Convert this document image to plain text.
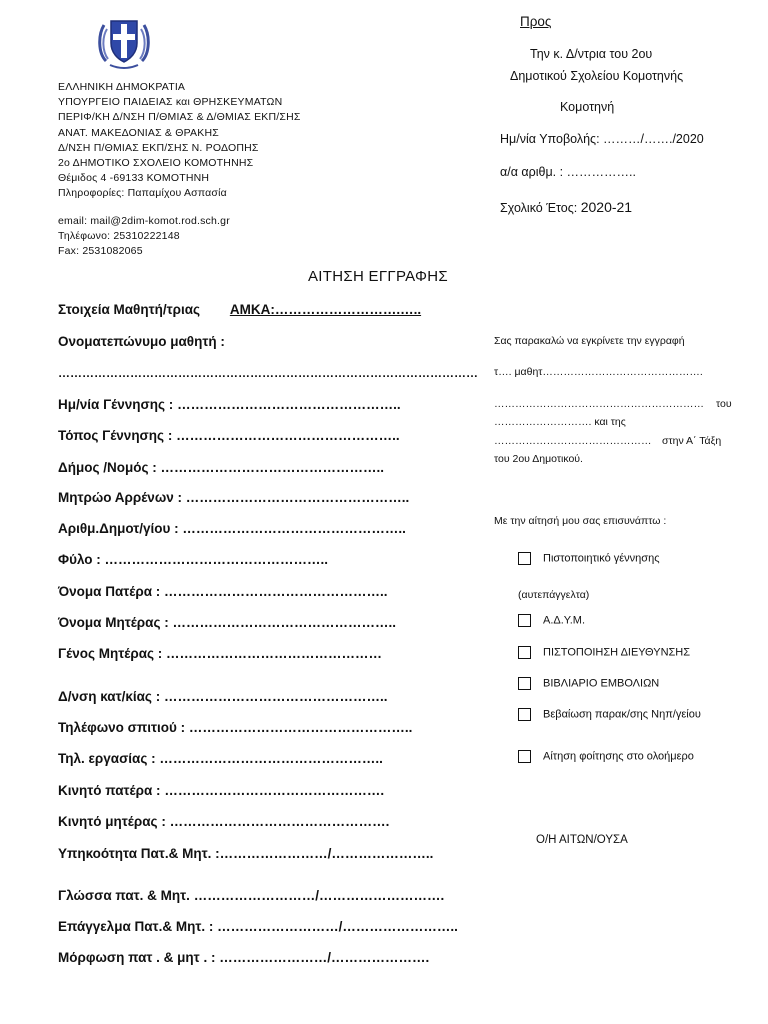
ΕΛΛΗΝΙΚΗ ΔΗΜΟΚΡΑΤΙΑ
ΥΠΟΥΡΓΕΙΟ ΠΑΙΔΕΙΑΣ και ΘΡΗΣΚΕΥΜΑΤΩΝ
ΠΕΡΙΦ/ΚΗ Δ/ΝΣΗ Π/ΘΜΙΑΣ & Δ/ΘΜΙΑΣ ΕΚΠ/ΣΗΣ
ΑΝΑΤ. ΜΑΚΕΔΟΝΙΑΣ & ΘΡΑΚΗΣ
Δ/ΝΣΗ Π/ΘΜΙΑΣ ΕΚΠ/ΣΗΣ Ν. ΡΟΔΟΠΗΣ
2ο ΔΗΜΟΤΙΚΟ ΣΧΟΛΕΙΟ ΚΟΜΟΤΗΝΗΣ
Θέμιδος 4 -69133 ΚΟΜΟΤΗΝΗ
Πληροφορίες: Παπαμίχου Ασπασία
email: mail@2dim-komot.rod.sch.gr
Τηλέφωνο: 25310222148
Fax: 2531082065
Προς
Την κ. Δ/ντρια του 2ου
Δημοτικού Σχολείου Κομοτηνής
Κομοτηνή
Ημ/νία Υποβολής: ………/……./2020
α/α αριθμ. : ……………..
Σχολικό Έτος: 2020-21
ΑΙΤΗΣΗ ΕΓΓΡΑΦΗΣ
Στοιχεία Μαθητή/τριας ΑΜΚΑ:……………………….…..
Ονοματεπώνυμο μαθητή :
……………………………………………………………………………………………
Ημ/νία Γέννησης : …………………………………………..
Τόπος Γέννησης : …………………………………………..
Δήμος /Νομός : …………………………………………..
Μητρώο Αρρένων : …………………………………………..
Αριθμ.Δημοτ/γίου : …………………………………………..
Φύλο : …………………………………………..
Όνομα Πατέρα : …………………………………………..
Όνομα Μητέρας : …………………………………………..
Γένος Μητέρας : …………………………………………
Δ/νση κατ/κίας : …………………………………………..
Τηλέφωνο σπιτιού : …………………………………………..
Τηλ. εργασίας : …………………………………………..
Κινητό πατέρα : ………………………………………….
Κινητό μητέρας : ………………………………………….
Υπηκοότητα Πατ.& Μητ. :……………………/…………………..
Γλώσσα πατ. & Μητ. ………………………/……………………….
Επάγγελμα Πατ.& Μητ. : ………………………/……………………..
Μόρφωση πατ . & μητ . : ……………………/………………….
Σας παρακαλώ να εγκρίνετε την εγγραφή
τ…. μαθητ……………………………………….
…………………………………………………… του
………………………. και της
……………………………………… στην Α΄ Τάξη
του 2ου Δημοτικού.
Με την αίτησή μου σας επισυνάπτω :
Πιστοποιητικό γέννησης
(αυτεπάγγελτα)
Α.Δ.Υ.Μ.
ΠΙΣΤΟΠΟΙΗΣΗ ΔΙΕΥΘΥΝΣΗΣ
ΒΙΒΛΙΑΡΙΟ ΕΜΒΟΛΙΩΝ
Βεβαίωση παρακ/σης Νηπ/γείου
Αίτηση φοίτησης στο ολοήμερο
Ο/Η ΑΙΤΩΝ/ΟΥΣΑ
